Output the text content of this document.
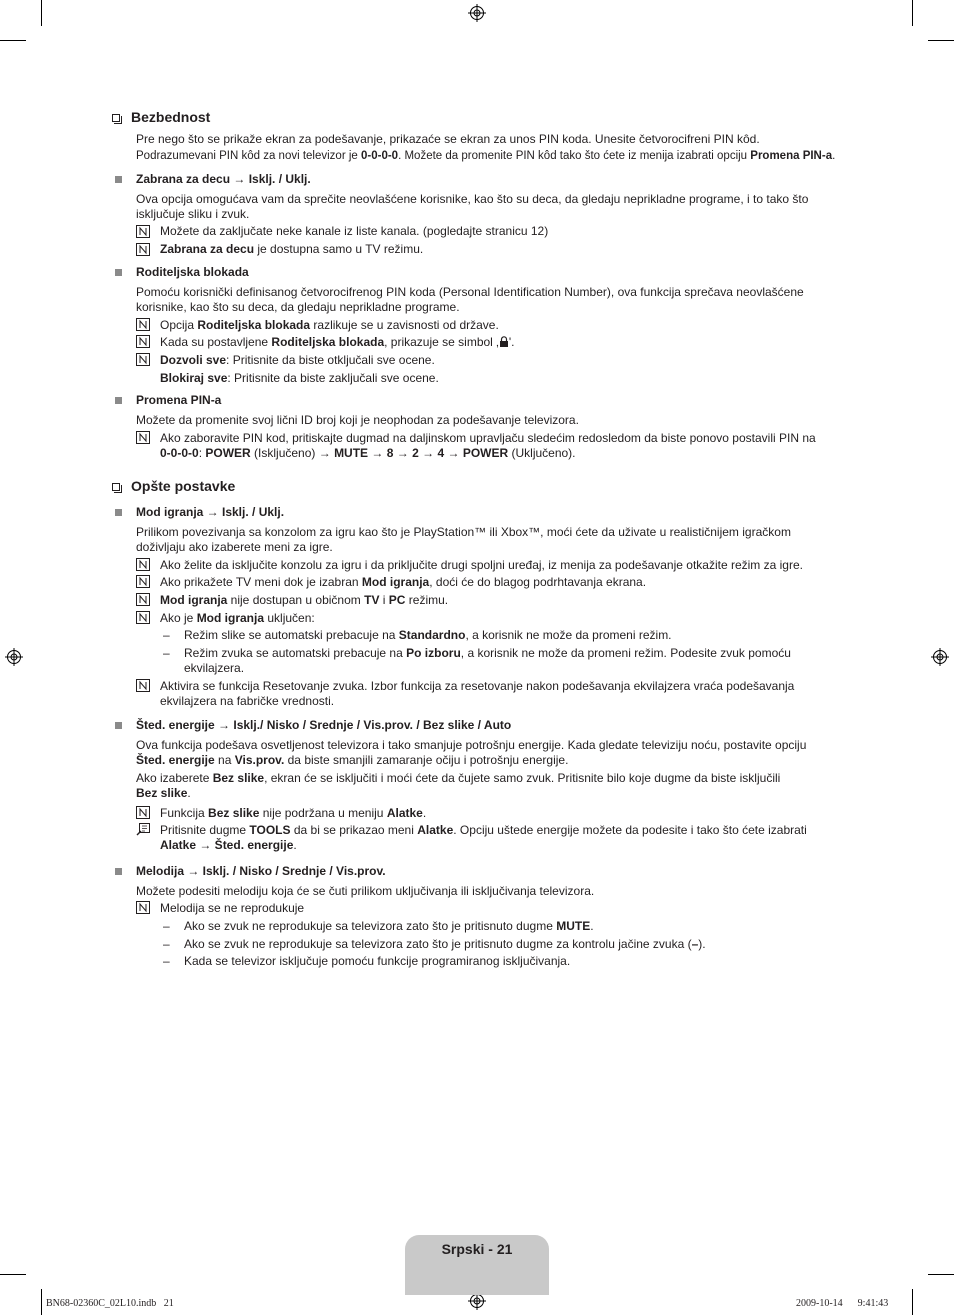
Bezbednost
Pre nego što se prikaže ekran za podešavanje, prikazaće se ekran za unos PIN koda. Unesite četvorocifreni PIN kôd.
Podrazumevani PIN kôd za novi televizor je 0-0-0-0. Možete da promenite PIN kôd tako što ćete iz menija izabrati opciju Promena PIN-a.
Zabrana za decu → Isklj. / Uklj.
Ova opcija omogućava vam da sprečite neovlašćene korisnike, kao što su deca, da gledaju neprikladne programe, i to tako što isključuje sliku i zvuk.
Možete da zaključate neke kanale iz liste kanala. (pogledajte stranicu 12)
Zabrana za decu je dostupna samo u TV režimu.
Roditeljska blokada
Pomoću korisnički definisanog četvorocifrenog PIN koda (Personal Identification Number), ova funkcija sprečava neovlašćene korisnike, kao što su deca, da gledaju neprikladne programe.
Opcija Roditeljska blokada razlikuje se u zavisnosti od države.
Kada su postavljene Roditeljska blokada, prikazuje se simbol ‚ '.
Dozvoli sve: Pritisnite da biste otključali sve ocene.
Blokiraj sve: Pritisnite da biste zaključali sve ocene.
Promena PIN-a
Možete da promenite svoj lični ID broj koji je neophodan za podešavanje televizora.
Ako zaboravite PIN kod, pritiskajte dugmad na daljinskom upravljaču sledećim redosledom da biste ponovo postavili PIN na
0-0-0-0: POWER (Isključeno) → MUTE → 8 → 2 → 4 → POWER (Uključeno).
Opšte postavke
Mod igranja → Isklj. / Uklj.
Prilikom povezivanja sa konzolom za igru kao što je PlayStation™ ili Xbox™, moći ćete da uživate u realističnijem igračkom doživljaju ako izaberete meni za igre.
Ako želite da isključite konzolu za igru i da priključite drugi spoljni uređaj, iz menija za podešavanje otkažite režim za igre.
Ako prikažete TV meni dok je izabran Mod igranja, doći će do blagog podrhtavanja ekrana.
Mod igranja nije dostupan u običnom TV i PC režimu.
Ako je Mod igranja uključen:
– Režim slike se automatski prebacuje na Standardno, a korisnik ne može da promeni režim.
– Režim zvuka se automatski prebacuje na Po izboru, a korisnik ne može da promeni režim. Podesite zvuk pomoću ekvilajzera.
Aktivira se funkcija Resetovanje zvuka. Izbor funkcija za resetovanje nakon podešavanja ekvilajzera vraća podešavanja ekvilajzera na fabričke vrednosti.
Šted. energije → Isklj./ Nisko / Srednje / Vis.prov. / Bez slike / Auto
Ova funkcija podešava osvetljenost televizora i tako smanjuje potrošnju energije. Kada gledate televiziju noću, postavite opciju Šted. energije na Vis.prov. da biste smanjili zamaranje očiju i potrošnju energije.
Ako izaberete Bez slike, ekran će se isključiti i moći ćete da čujete samo zvuk. Pritisnite bilo koje dugme da biste isključili Bez slike.
Funkcija Bez slike nije podržana u meniju Alatke.
Pritisnite dugme TOOLS da bi se prikazao meni Alatke. Opciju uštede energije možete da podesite i tako što ćete izabrati Alatke → Šted. energije.
Melodija → Isklj. / Nisko / Srednje / Vis.prov.
Možete podesiti melodiju koja će se čuti prilikom uključivanja ili isključivanja televizora.
Melodija se ne reprodukuje
– Ako se zvuk ne reprodukuje sa televizora zato što je pritisnuto dugme MUTE.
– Ako se zvuk ne reprodukuje sa televizora zato što je pritisnuto dugme za kontrolu jačine zvuka (–).
– Kada se televizor isključuje pomoću funkcije programiranog isključivanja.
Srpski - 21
BN68-02360C_02L10.indb   21	2009-10-14      9:41:43
